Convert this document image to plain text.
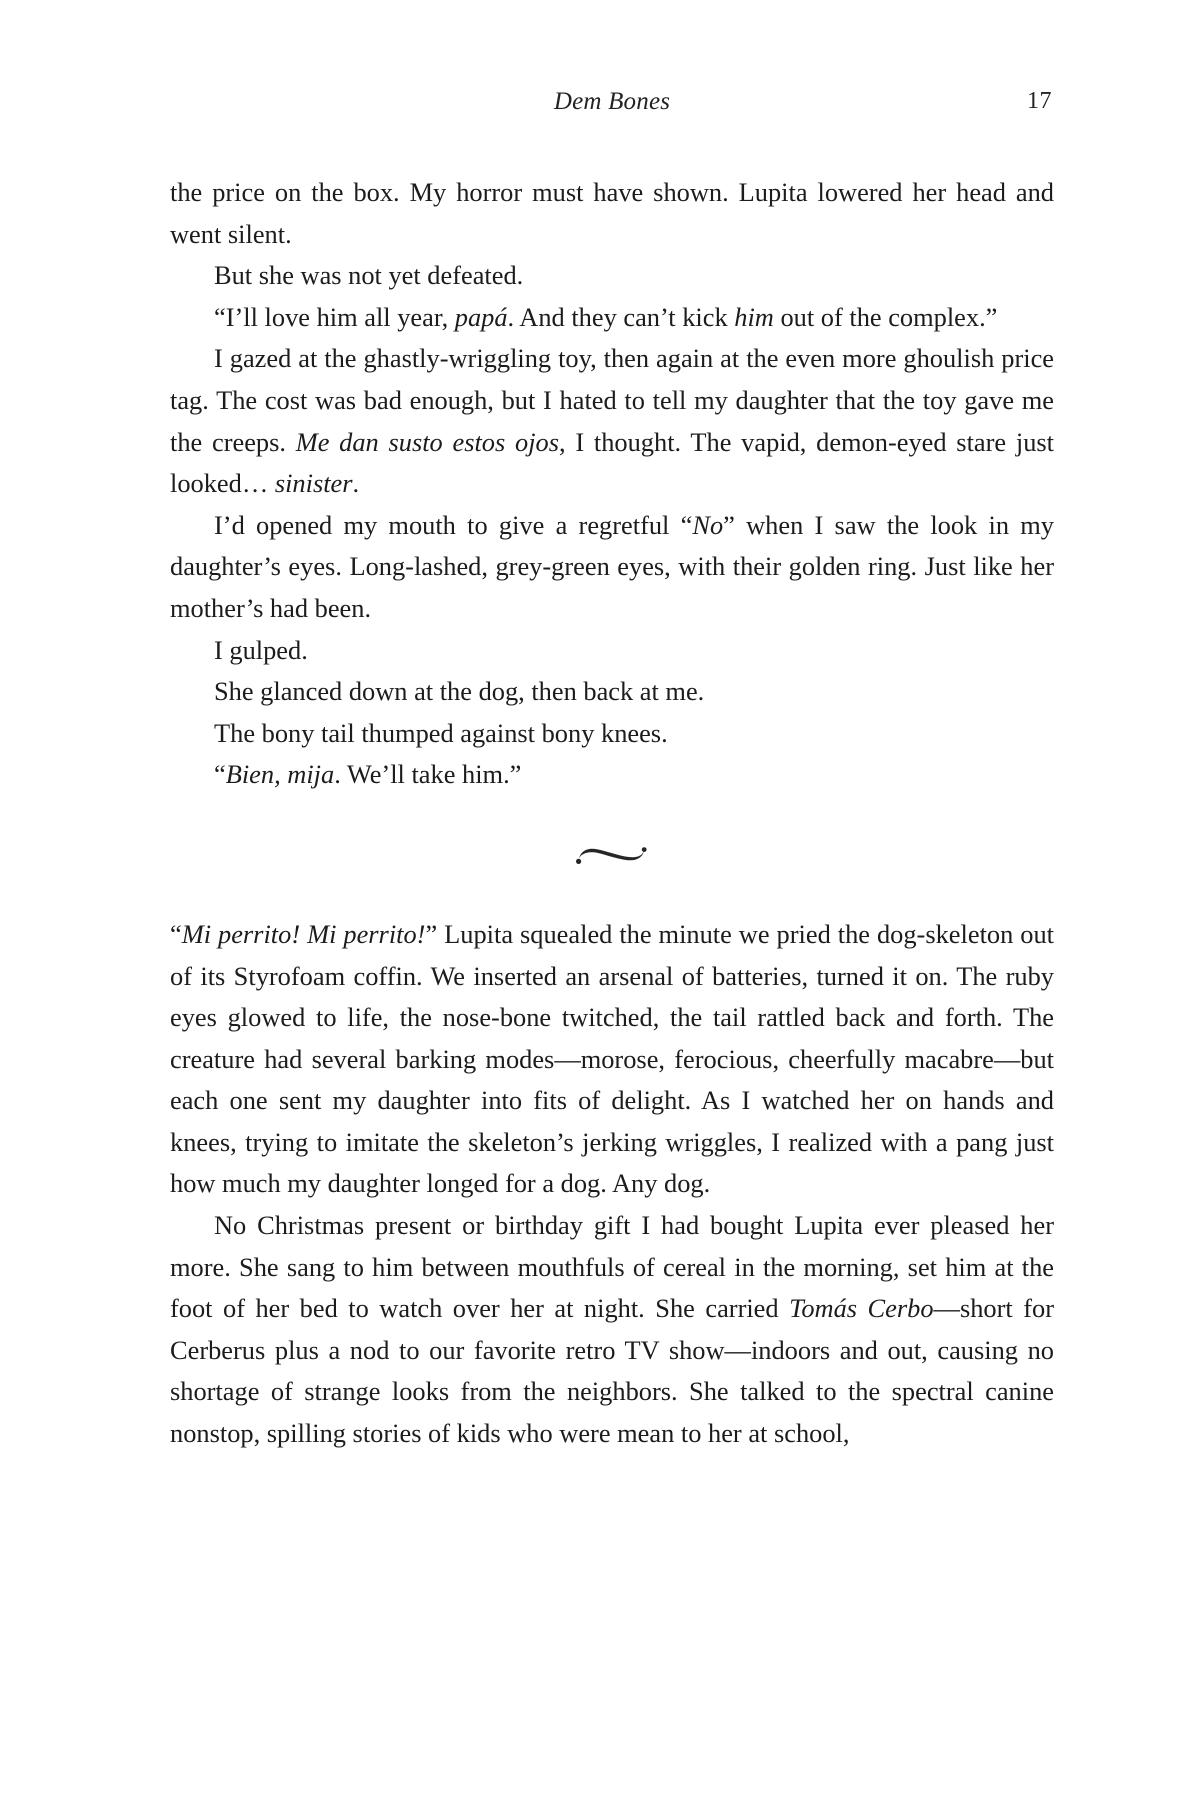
Dem Bones	17

the price on the box. My horror must have shown. Lupita lowered her head and went silent.

But she was not yet defeated.

“I’ll love him all year, papá. And they can’t kick him out of the complex.”

I gazed at the ghastly-wriggling toy, then again at the even more ghoulish price tag. The cost was bad enough, but I hated to tell my daughter that the toy gave me the creeps. Me dan susto estos ojos, I thought. The vapid, demon-eyed stare just looked… sinister.

I’d opened my mouth to give a regretful “No” when I saw the look in my daughter’s eyes. Long-lashed, grey-green eyes, with their golden ring. Just like her mother’s had been.

I gulped.

She glanced down at the dog, then back at me.

The bony tail thumped against bony knees.

“Bien, mija. We’ll take him.”

“Mi perrito! Mi perrito!” Lupita squealed the minute we pried the dog-skeleton out of its Styrofoam coffin. We inserted an arsenal of batteries, turned it on. The ruby eyes glowed to life, the nose-bone twitched, the tail rattled back and forth. The creature had several barking modes—morose, ferocious, cheerfully macabre—but each one sent my daughter into fits of delight. As I watched her on hands and knees, trying to imitate the skeleton’s jerking wriggles, I realized with a pang just how much my daughter longed for a dog. Any dog.

No Christmas present or birthday gift I had bought Lupita ever pleased her more. She sang to him between mouthfuls of cereal in the morning, set him at the foot of her bed to watch over her at night. She carried Tomás Cerbo—short for Cerberus plus a nod to our favorite retro TV show—indoors and out, causing no shortage of strange looks from the neighbors. She talked to the spectral canine nonstop, spilling stories of kids who were mean to her at school,
